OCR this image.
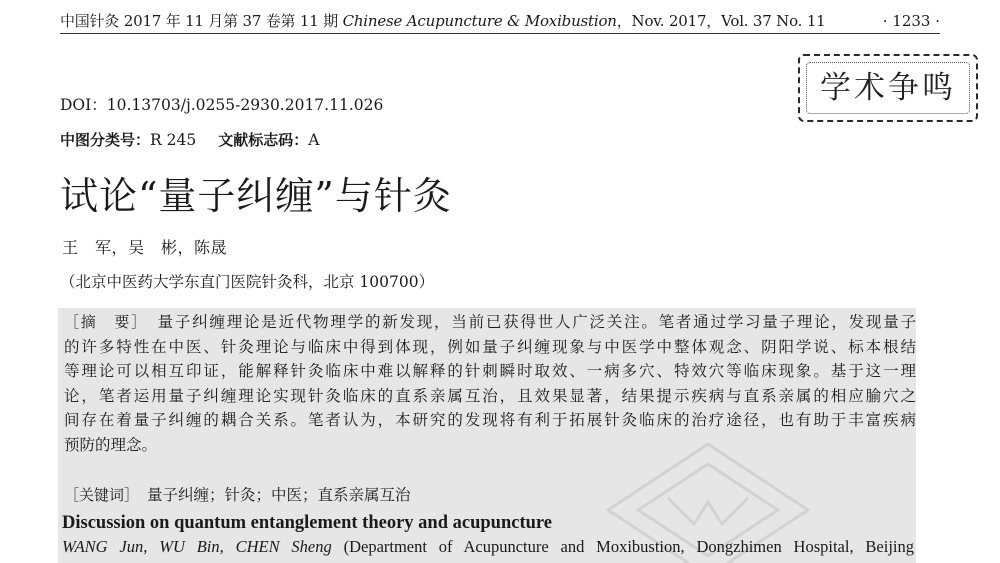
中国针灸 2017 年 11 月第 37 卷第 11 期 Chinese Acupuncture & Moxibustion，Nov. 2017，Vol. 37 No. 11	· 1233 ·
学术争鸣
DOI：10.13703/j.0255-2930.2017.11.026
中图分类号：R 245 文献标志码：A
试论“量子纠缠”与针灸
王　军，吴　彬，陈晟
（北京中医药大学东直门医院针灸科，北京 100700）
［摘　要］　 量子纠缠理论是近代物理学的新发现，当前已获得世人广泛关注。笔者通过学习量子理论，发现量子
的许多特性在中医、针灸理论与临床中得到体现，例如量子纠缠现象与中医学中整体观念、阴阳学说、标本根结
等理论可以相互印证，能解释针灸临床中难以解释的针刺瞬时取效、一病多穴、特效穴等临床现象。基于这一理
论，笔者运用量子纠缠理论实现针灸临床的直系亲属互治，且效果显著，结果提示疾病与直系亲属的相应腧穴之
间存在着量子纠缠的耦合关系。笔者认为，本研究的发现将有利于拓展针灸临床的治疗途径，也有助于丰富疾病
预防的理念。
［关键词］　 量子纠缠；针灸；中医；直系亲属互治
Discussion on quantum entanglement theory and acupuncture
WANG Jun, WU Bin, CHEN Sheng (Department of Acupuncture and Moxibustion, Dongzhimen Hospital, Beijing
